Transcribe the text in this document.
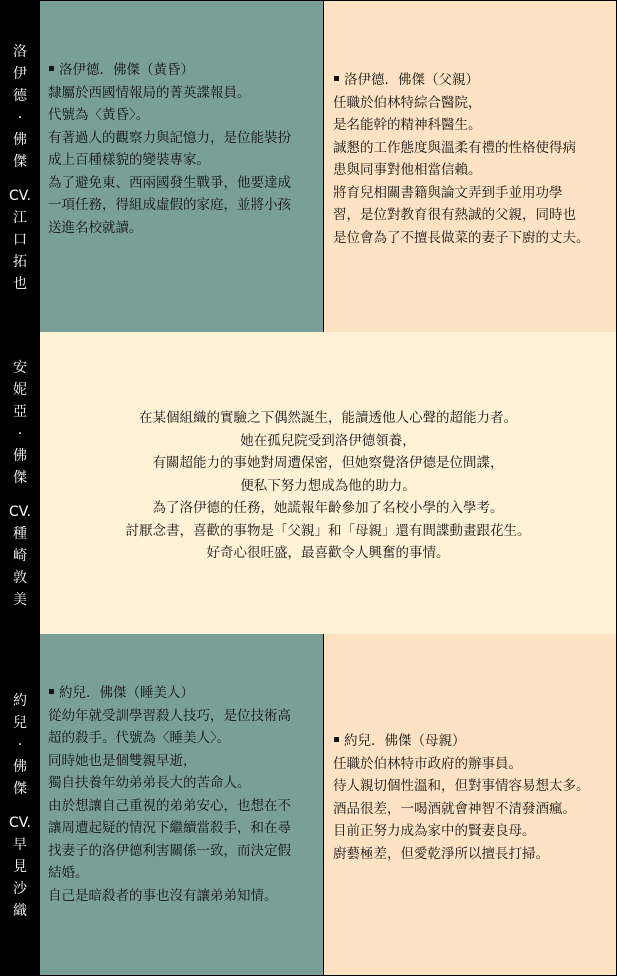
洛
伊
德
·
佛
傑
CV.
江
口
拓
也
洛伊德．佛傑（黃昏）
隸屬於西國情報局的菁英諜報員。
代號為〈黃昏〉。
有著過人的觀察力與記憶力，是位能裝扮
成上百種樣貌的變裝專家。
為了避免東、西兩國發生戰爭，他要達成
一項任務，得組成虛假的家庭，並將小孩
送進名校就讀。
洛伊德．佛傑（父親）
任職於伯林特綜合醫院，
是名能幹的精神科醫生。
誠懇的工作態度與溫柔有禮的性格使得病
患與同事對他相當信賴。
將育兒相關書籍與論文弄到手並用功學
習，是位對教育很有熱誠的父親，同時也
是位會為了不擅長做菜的妻子下廚的丈夫。
安
妮
亞
·
佛
傑
CV.
種
崎
敦
美
在某個組織的實驗之下偶然誕生，能讀透他人心聲的超能力者。
她在孤兒院受到洛伊德領養，
有關超能力的事她對周遭保密，但她察覺洛伊德是位間諜，
便私下努力想成為他的助力。
為了洛伊德的任務，她謊報年齡參加了名校小學的入學考。
討厭念書，喜歡的事物是「父親」和「母親」還有間諜動畫跟花生。
好奇心很旺盛，最喜歡令人興奮的事情。
約
兒
·
佛
傑
CV.
早
見
沙
織
約兒．佛傑（睡美人）
從幼年就受訓學習殺人技巧，是位技術高
超的殺手。代號為〈睡美人〉。
同時她也是個雙親早逝，
獨自扶養年幼弟弟長大的苦命人。
由於想讓自己重視的弟弟安心，也想在不
讓周遭起疑的情況下繼續當殺手，和在尋
找妻子的洛伊德利害關係一致，而決定假
結婚。
自己是暗殺者的事也沒有讓弟弟知情。
約兒．佛傑（母親）
任職於伯林特市政府的辦事員。
待人親切個性溫和，但對事情容易想太多。
酒品很差，一喝酒就會神智不清發酒瘋。
目前正努力成為家中的賢妻良母。
廚藝極差，但愛乾淨所以擅長打掃。
